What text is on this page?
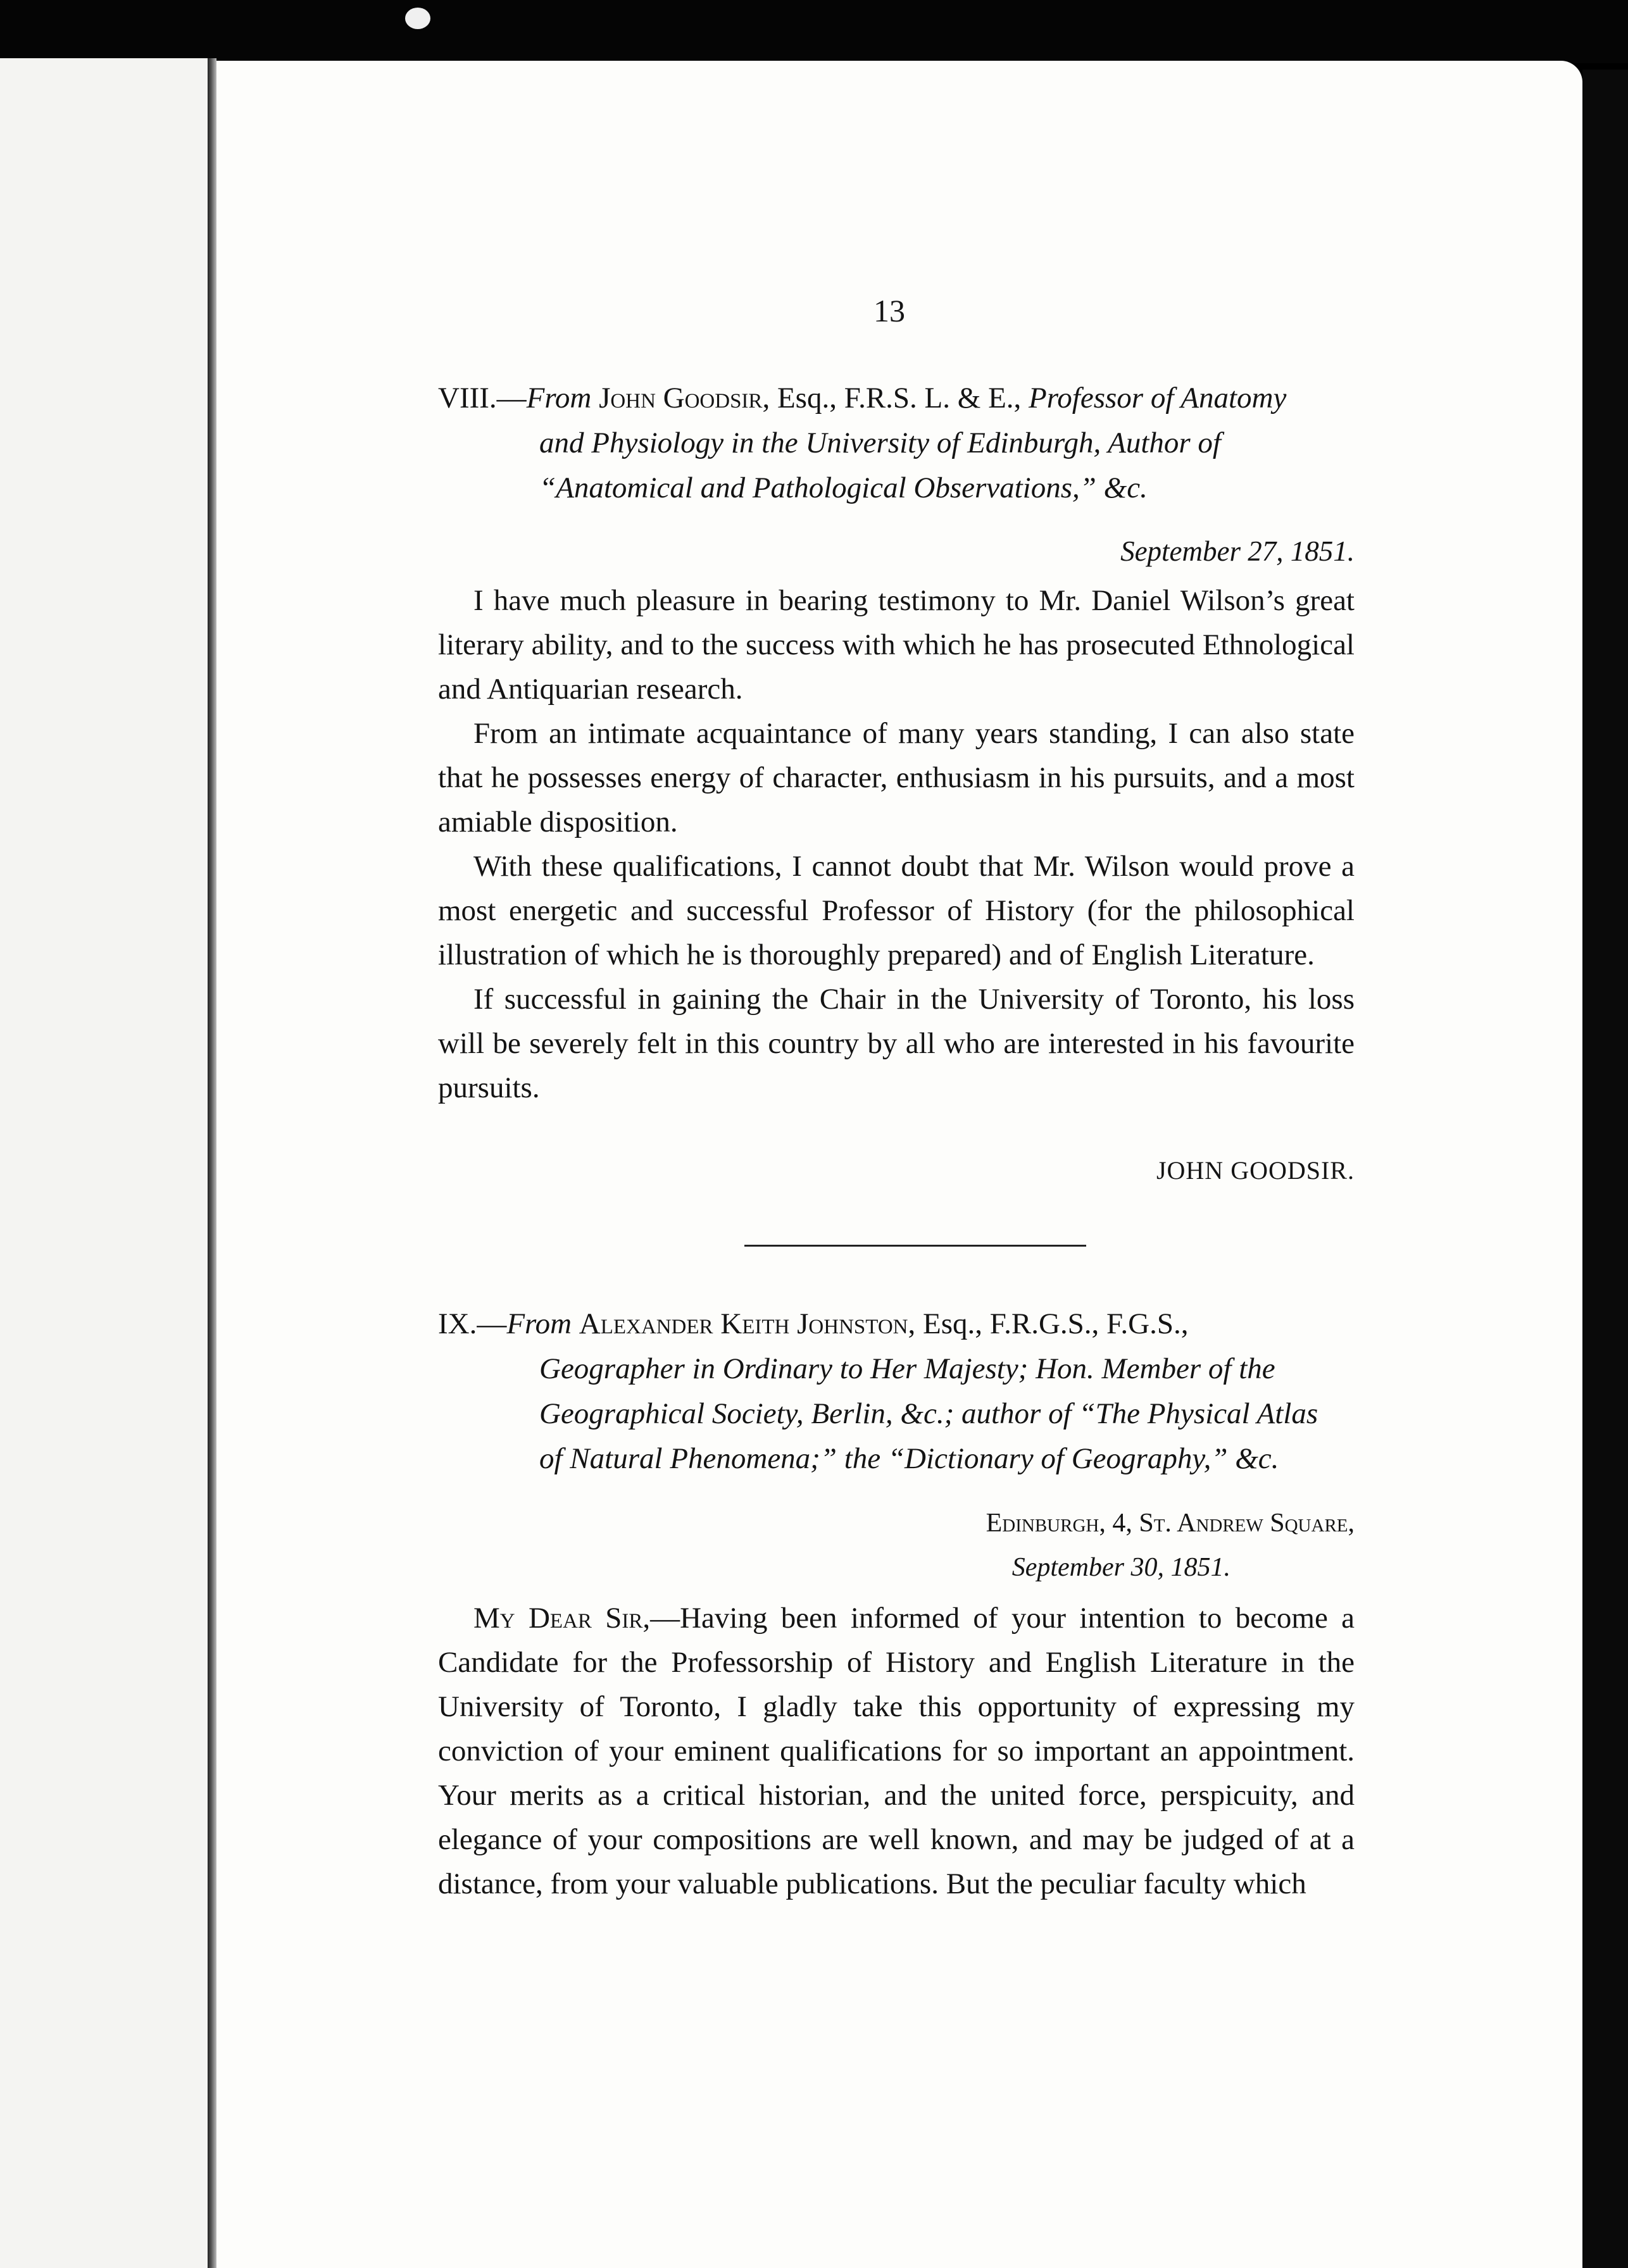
13
VIII.—From John Goodsir, Esq., F.R.S. L. & E., Professor of Anatomy
and Physiology in the University of Edinburgh, Author of
“Anatomical and Pathological Observations,” &c.
September 27, 1851.

I have much pleasure in bearing testimony to Mr. Daniel Wilson’s great literary ability, and to the success with which he has prosecuted Ethnological and Antiquarian research.

From an intimate acquaintance of many years standing, I can also state that he possesses energy of character, enthusiasm in his pursuits, and a most amiable disposition.

With these qualifications, I cannot doubt that Mr. Wilson would prove a most energetic and successful Professor of History (for the philosophical illustration of which he is thoroughly prepared) and of English Literature.

If successful in gaining the Chair in the University of Toronto, his loss will be severely felt in this country by all who are interested in his favourite pursuits.

JOHN GOODSIR.
IX.—From Alexander Keith Johnston, Esq., F.R.G.S., F.G.S.,
Geographer in Ordinary to Her Majesty; Hon. Member of the
Geographical Society, Berlin, &c.; author of “The Physical Atlas
of Natural Phenomena;” the “Dictionary of Geography,” &c.
Edinburgh, 4, St. Andrew Square,
September 30, 1851.

My Dear Sir,—Having been informed of your intention to become a Candidate for the Professorship of History and English Literature in the University of Toronto, I gladly take this opportunity of expressing my conviction of your eminent qualifications for so important an appointment. Your merits as a critical historian, and the united force, perspicuity, and elegance of your compositions are well known, and may be judged of at a distance, from your valuable publications. But the peculiar faculty which
